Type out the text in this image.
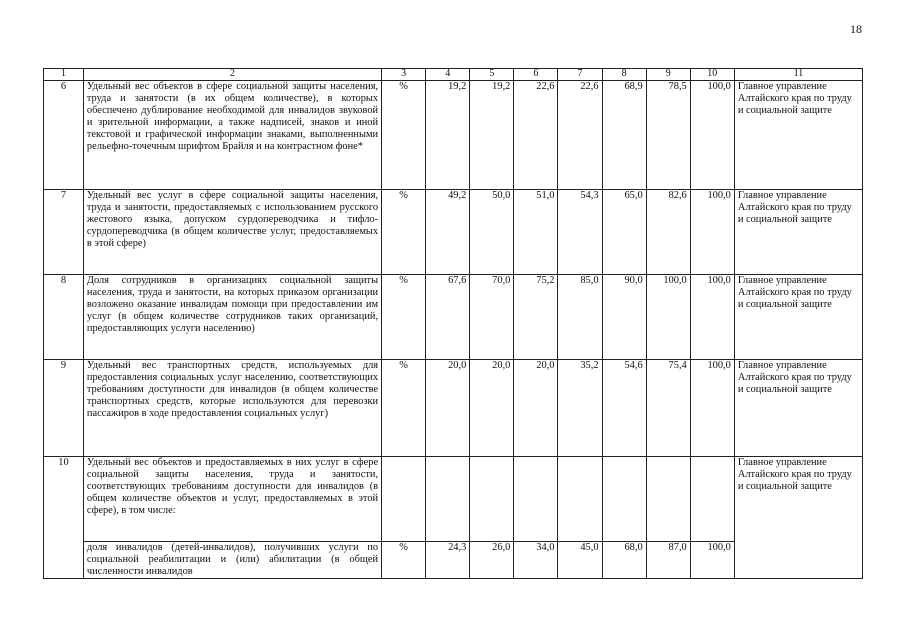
18
1	2	3	4	5	6	7	8	9	10	11
6	Удельный вес объектов в сфере социальной защиты населения, труда и занятости (в их общем количестве), в которых обеспечено дублирование необходимой для инвалидов звуковой и зрительной информации, а также надписей, знаков и иной текстовой и графической информации знаками, выполненными рельефно-точечным шрифтом Брайля и на контрастном фоне*	%	19,2	19,2	22,6	22,6	68,9	78,5	100,0	Главное управление Алтайского края по труду и социальной защите
7	Удельный вес услуг в сфере социальной защиты населения, труда и занятости, предоставляемых с использованием русского жестового языка, допуском сурдопереводчика и тифло-сурдопереводчика (в общем количестве услуг, предоставляемых в этой сфере)	%	49,2	50,0	51,0	54,3	65,0	82,6	100,0	Главное управление Алтайского края по труду и социальной защите
8	Доля сотрудников в организациях социальной защиты населения, труда и занятости, на которых приказом организации возложено оказание инвалидам помощи при предоставлении им услуг (в общем количестве сотрудников таких организаций, предоставляющих услуги населению)	%	67,6	70,0	75,2	85,0	90,0	100,0	100,0	Главное управление Алтайского края по труду и социальной защите
9	Удельный вес транспортных средств, используемых для предоставления социальных услуг населению, соответствующих требованиям доступности для инвалидов (в общем количестве транспортных средств, которые используются для перевозки пассажиров в ходе предоставления социальных услуг)	%	20,0	20,0	20,0	35,2	54,6	75,4	100,0	Главное управление Алтайского края по труду и социальной защите
10	Удельный вес объектов и предоставляемых в них услуг в сфере социальной защиты населения, труда и занятости, соответствующих требованиям доступности для инвалидов (в общем количестве объектов и услуг, предоставляемых в этой сфере), в том числе:									Главное управление Алтайского края по труду и социальной защите
	доля инвалидов (детей-инвалидов), получивших услуги по социальной реабилитации и (или) абилитации (в общей численности инвалидов	%	24,3	26,0	34,0	45,0	68,0	87,0	100,0	
